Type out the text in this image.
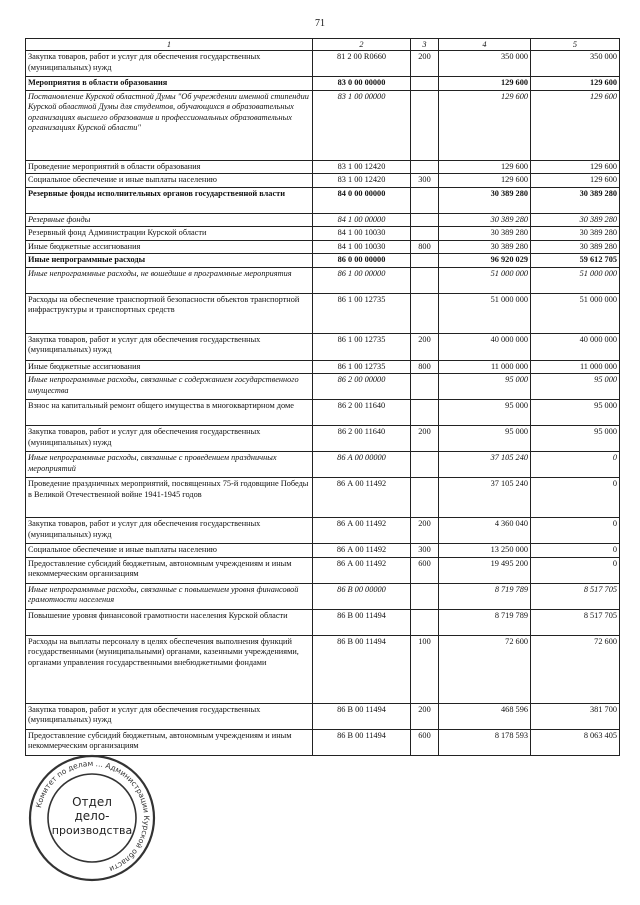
71
1	2	3	4	5
Закупка товаров, работ и услуг для обеспечения государственных (муниципальных) нужд	81 2 00 R0660	200	350 000	350 000
Мероприятия в области образования	83 0 00 00000		129 600	129 600
Постановление Курской областной Думы "Об учреждении именной стипендии Курской областной Думы для студентов, обучающихся в образовательных организациях высшего образования и профессиональных образовательных организациях Курской области"	83 1 00 00000		129 600	129 600
Проведение мероприятий в области образования	83 1 00 12420		129 600	129 600
Социальное обеспечение и иные выплаты населению	83 1 00 12420	300	129 600	129 600
Резервные фонды исполнительных органов государственной власти	84 0 00 00000		30 389 280	30 389 280
Резервные фонды	84 1 00 00000		30 389 280	30 389 280
Резервный фонд Администрации Курской области	84 1 00 10030		30 389 280	30 389 280
Иные бюджетные ассигнования	84 1 00 10030	800	30 389 280	30 389 280
Иные непрограммные расходы	86 0 00 00000		96 920 029	59 612 705
Иные непрограммные расходы, не вошедшие в программные мероприятия	86 1 00 00000		51 000 000	51 000 000
Расходы на обеспечение транспортной безопасности объектов транспортной инфраструктуры и транспортных средств	86 1 00 12735		51 000 000	51 000 000
Закупка товаров, работ и услуг для обеспечения государственных (муниципальных) нужд	86 1 00 12735	200	40 000 000	40 000 000
Иные бюджетные ассигнования	86 1 00 12735	800	11 000 000	11 000 000
Иные непрограммные расходы, связанные с содержанием государственного имущества	86 2 00 00000		95 000	95 000
Взнос на капитальный ремонт общего имущества в многоквартирном доме	86 2 00 11640		95 000	95 000
Закупка товаров, работ и услуг для обеспечения государственных (муниципальных) нужд	86 2 00 11640	200	95 000	95 000
Иные непрограммные расходы, связанные с проведением праздничных мероприятий	86 А 00 00000		37 105 240	0
Проведение праздничных мероприятий, посвященных 75-й годовщине Победы в Великой Отечественной войне 1941-1945 годов	86 А 00 11492		37 105 240	0
Закупка товаров, работ и услуг для обеспечения государственных (муниципальных) нужд	86 А 00 11492	200	4 360 040	0
Социальное обеспечение и иные выплаты населению	86 А 00 11492	300	13 250 000	0
Предоставление субсидий бюджетным, автономным учреждениям и иным некоммерческим организациям	86 А 00 11492	600	19 495 200	0
Иные непрограммные расходы, связанные с повышением уровня финансовой грамотности населения	86 В 00 00000		8 719 789	8 517 705
Повышение уровня финансовой грамотности населения Курской области	86 В 00 11494		8 719 789	8 517 705
Расходы на выплаты персоналу в целях обеспечения выполнения функций государственными (муниципальными) органами, казенными учреждениями, органами управления государственными внебюджетными фондами	86 В 00 11494	100	72 600	72 600
Закупка товаров, работ и услуг для обеспечения государственных (муниципальных) нужд	86 В 00 11494	200	468 596	381 700
Предоставление субсидий бюджетным, автономным учреждениям и иным некоммерческим организациям	86 В 00 11494	600	8 178 593	8 063 405
Комитет по делам ... Администрации Курской области
Отдел
дело-
производства
